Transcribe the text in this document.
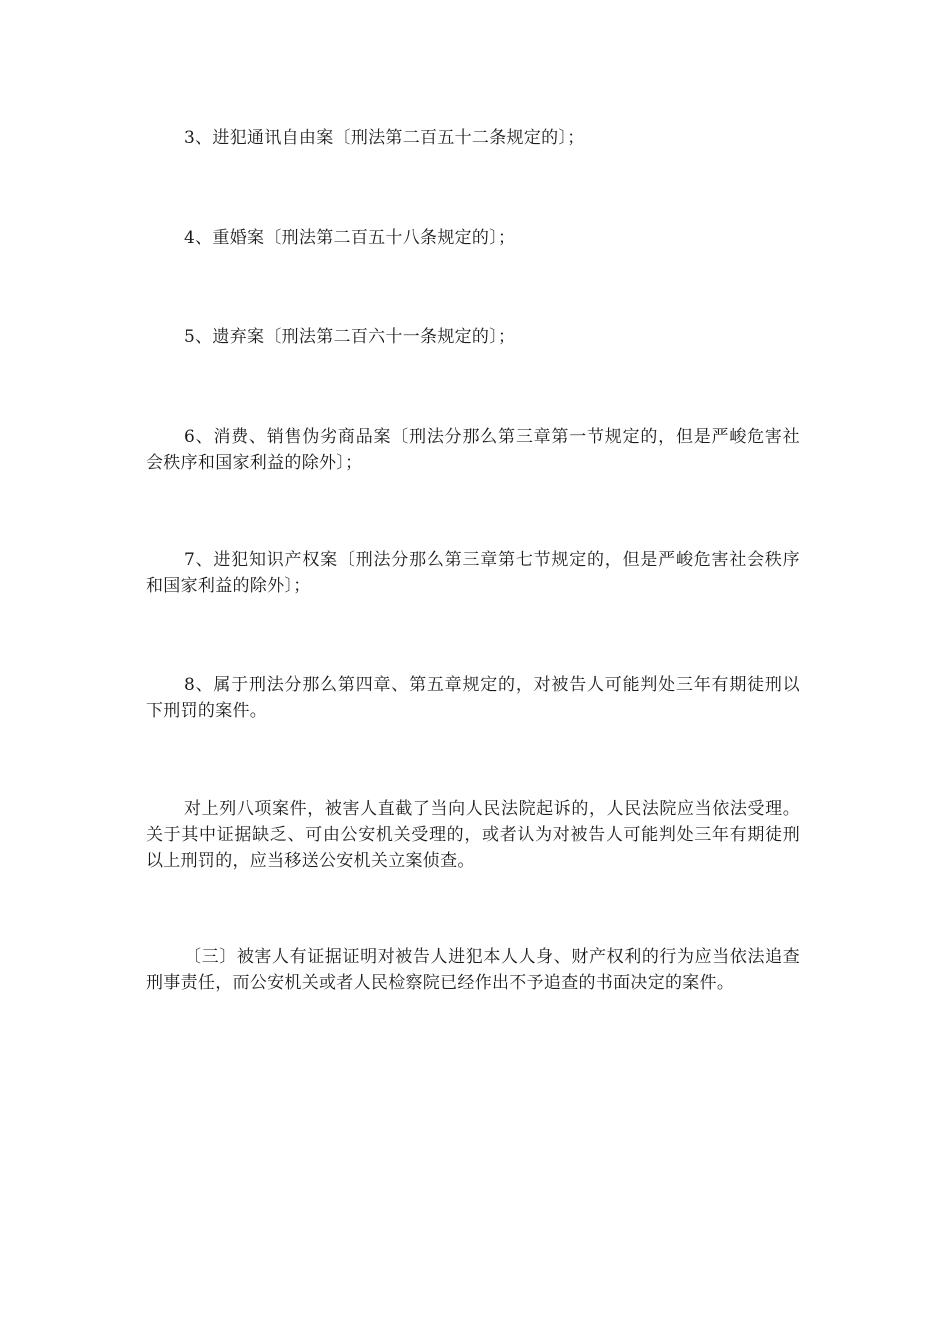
3、进犯通讯自由案〔刑法第二百五十二条规定的〕；

4、重婚案〔刑法第二百五十八条规定的〕；

5、遗弃案〔刑法第二百六十一条规定的〕；

6、消费、销售伪劣商品案〔刑法分那么第三章第一节规定的，但是严峻危害社会秩序和国家利益的除外〕；

7、进犯知识产权案〔刑法分那么第三章第七节规定的，但是严峻危害社会秩序和国家利益的除外〕；

8、属于刑法分那么第四章、第五章规定的，对被告人可能判处三年有期徒刑以下刑罚的案件。

对上列八项案件，被害人直截了当向人民法院起诉的，人民法院应当依法受理。关于其中证据缺乏、可由公安机关受理的，或者认为对被告人可能判处三年有期徒刑以上刑罚的，应当移送公安机关立案侦查。

〔三〕被害人有证据证明对被告人进犯本人人身、财产权利的行为应当依法追查刑事责任，而公安机关或者人民检察院已经作出不予追查的书面决定的案件。
